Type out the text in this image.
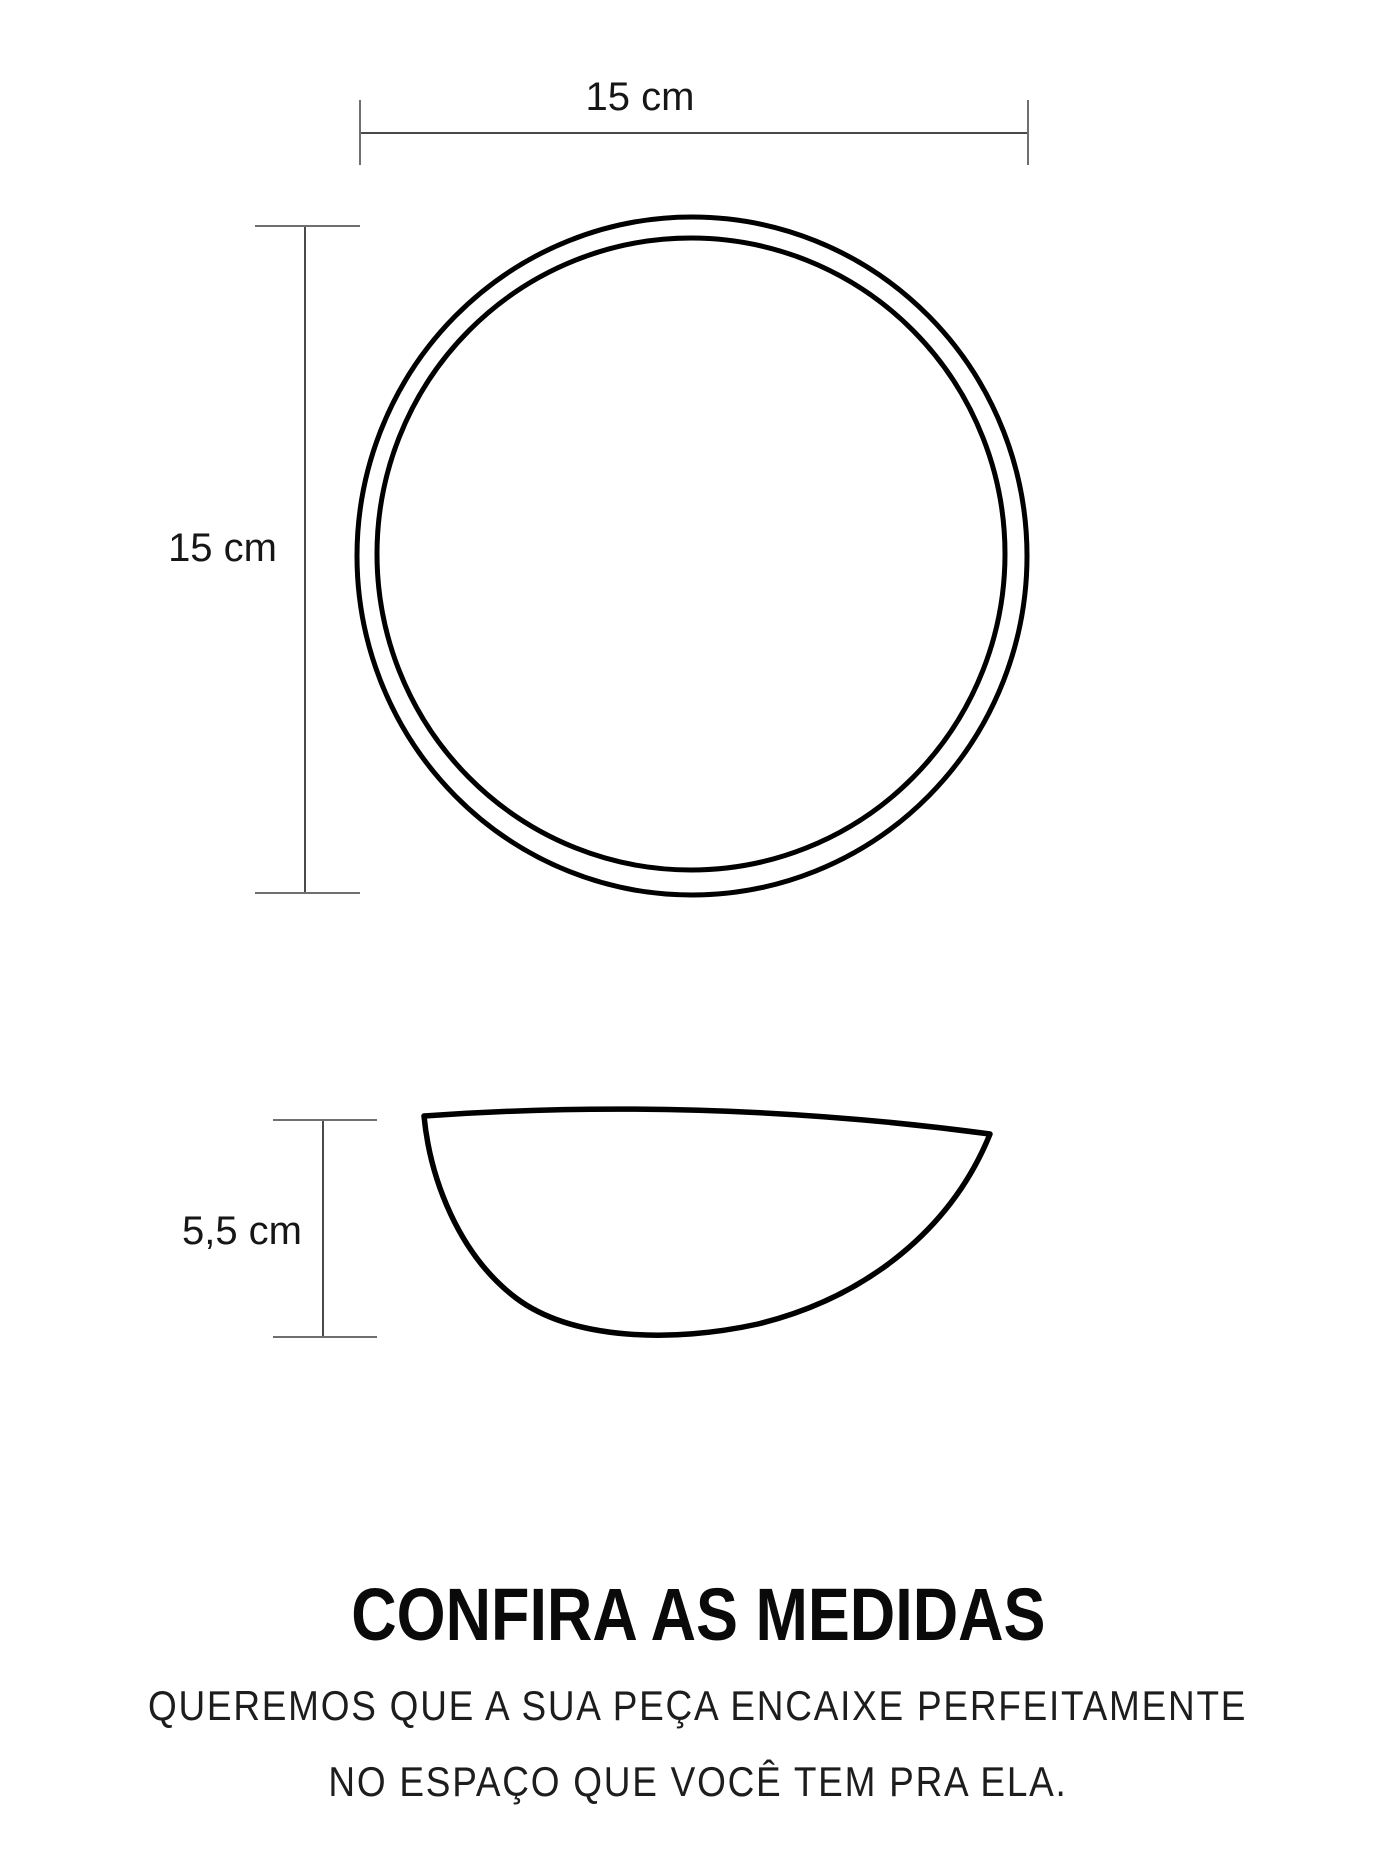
15 cm
15 cm
5,5 cm
CONFIRA AS MEDIDAS
QUEREMOS QUE A SUA PEÇA ENCAIXE PERFEITAMENTE
NO ESPAÇO QUE VOCÊ TEM PRA ELA.
